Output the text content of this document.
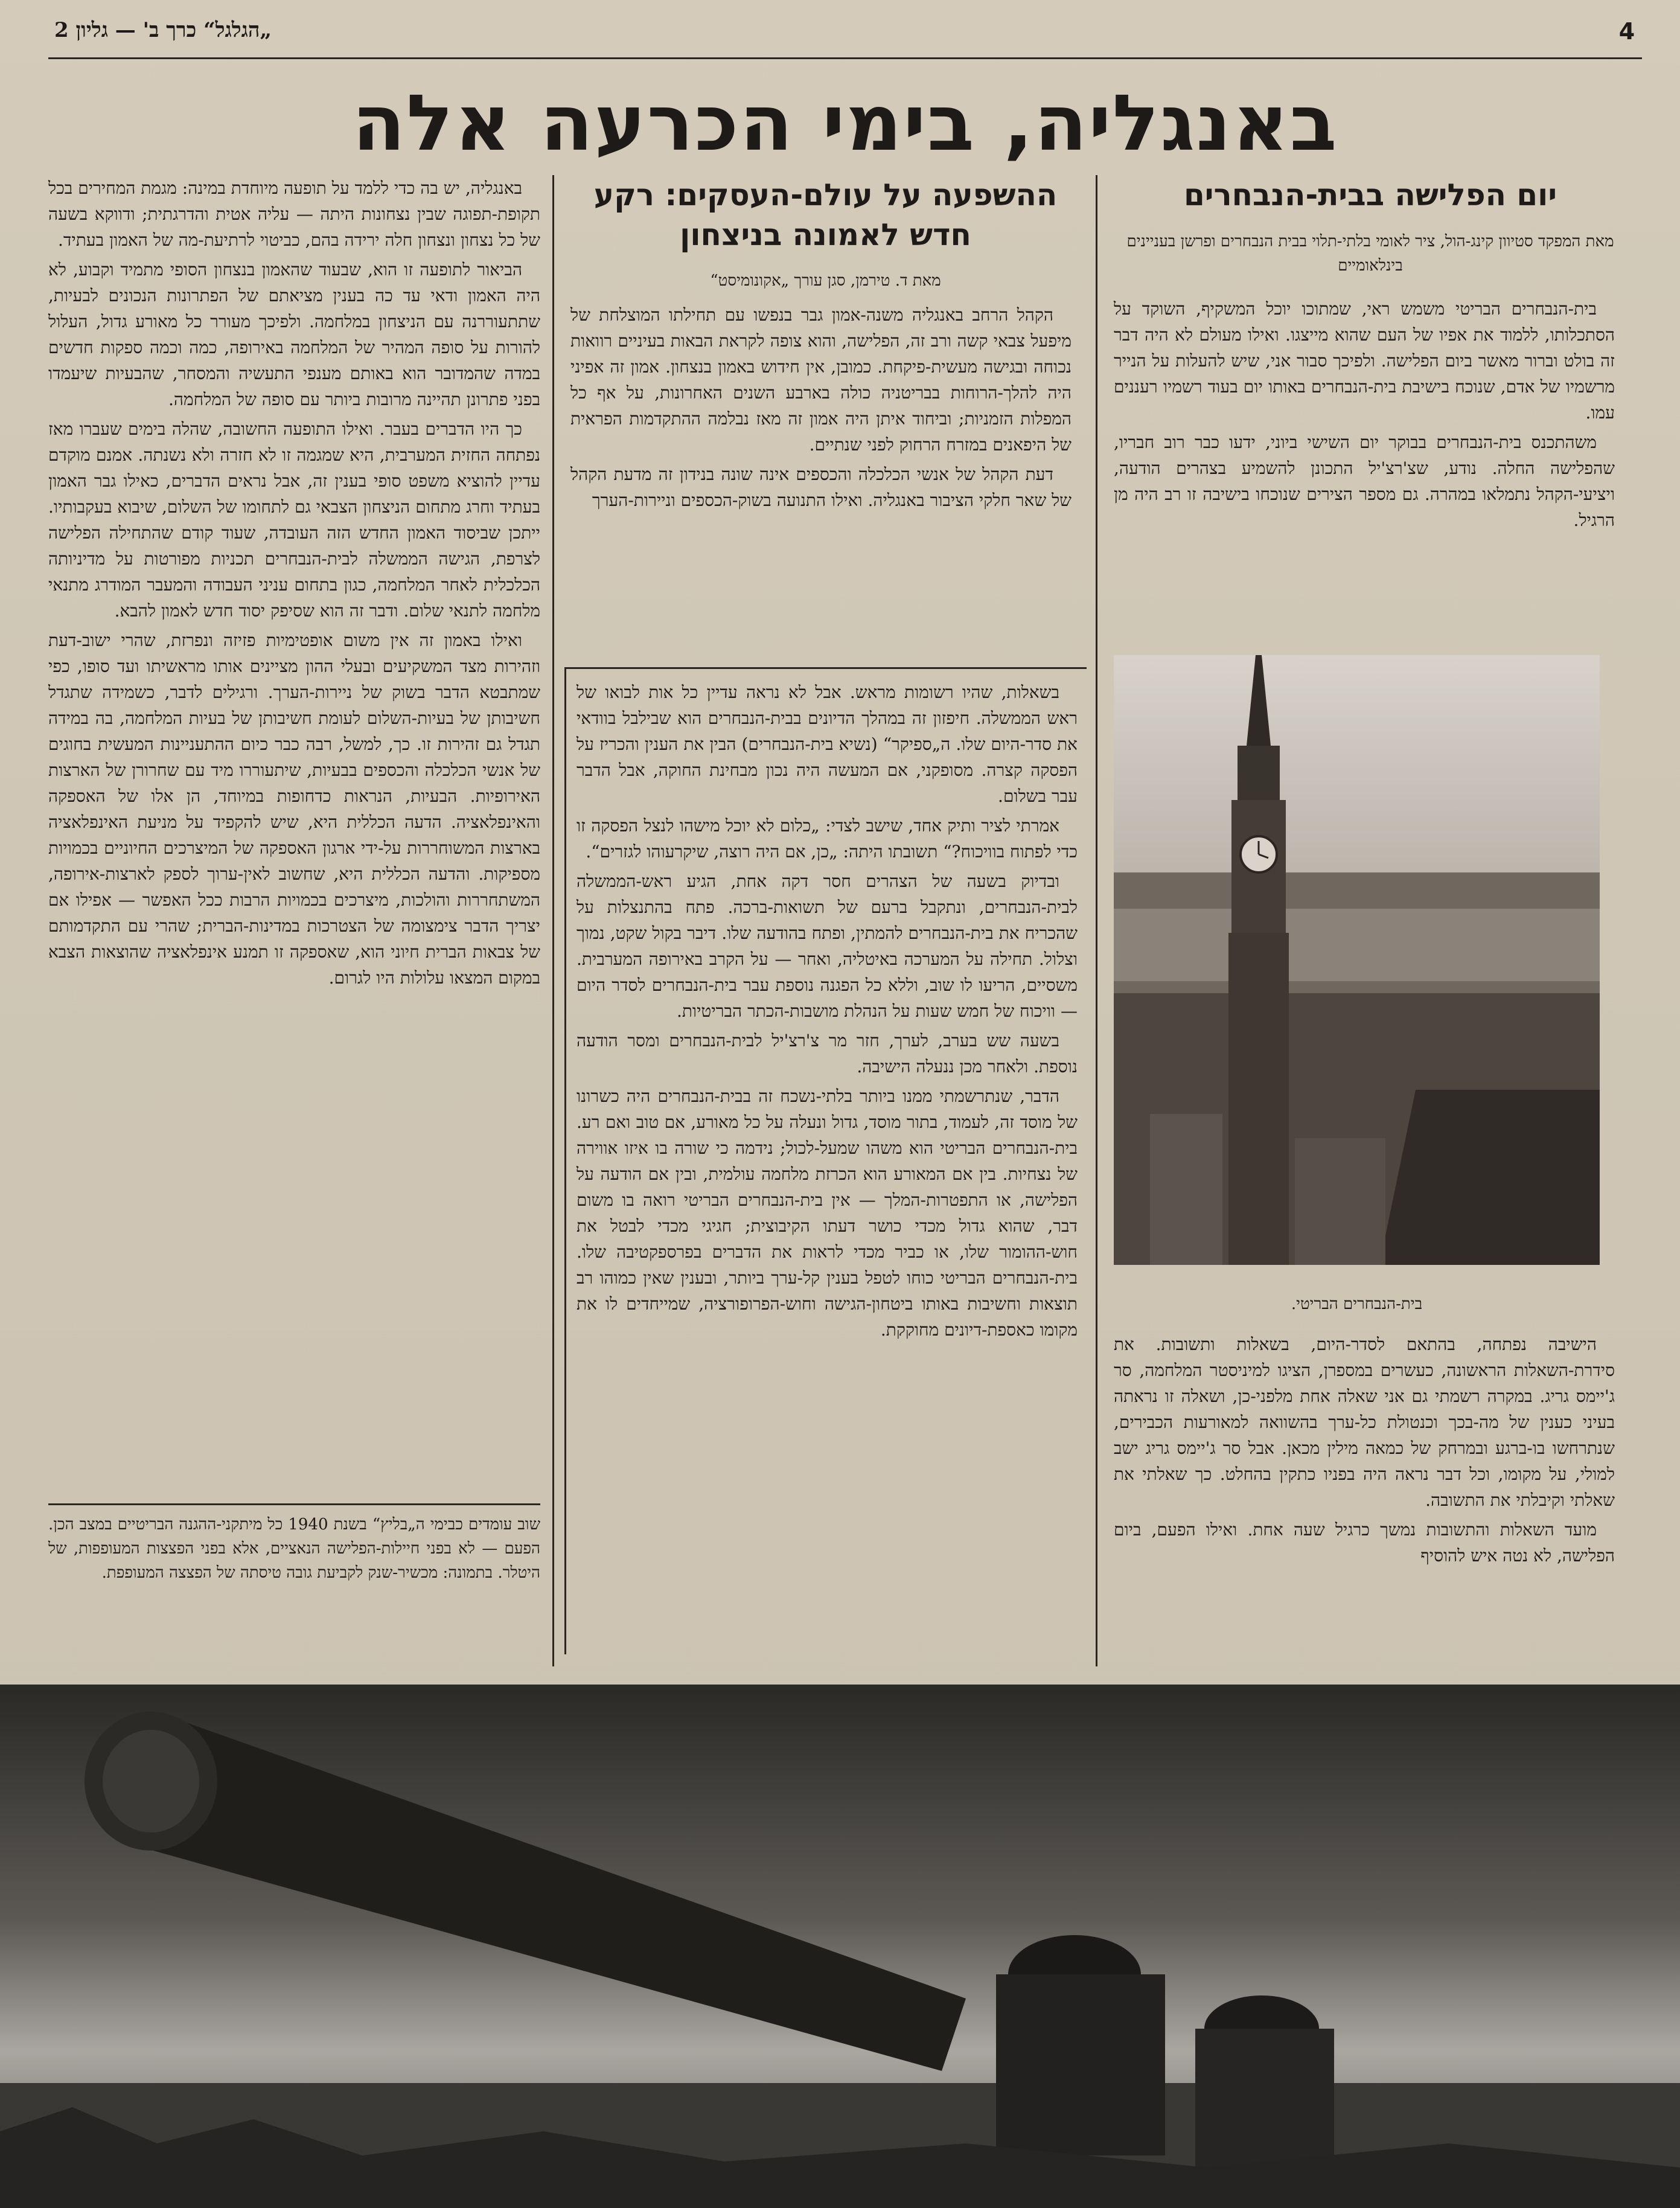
4
„הגלגל“ כרך ב' — גליון 2
באנגליה, בימי הכרעה אלה
יום הפלישה בבית-הנבחרים
מאת המפקד סטיוון קינג-הול, ציר לאומי בלתי-תלוי בבית הנבחרים ופרשן בעניינים בינלאומיים

בית-הנבחרים הבריטי משמש ראי, שמתוכו יוכל המשקיף, השוקד על הסתכלותו, ללמוד את אפיו של העם שהוא מייצגו. ואילו מעולם לא היה דבר זה בולט וברור מאשר ביום הפלישה. ולפיכך סבור אני, שיש להעלות על הנייר מרשמיו של אדם, שנוכח בישיבת בית-הנבחרים באותו יום בעוד רשמיו רעננים עמו.

משהתכנס בית-הנבחרים בבוקר יום השישי ביוני, ידעו כבר רוב חבריו, שהפלישה החלה. נודע, שצ'רצ'יל התכונן להשמיע בצהרים הודעה, ויציעי-הקהל נתמלאו במהרה. גם מספר הצירים שנוכחו בישיבה זו רב היה מן הרגיל.

בית-הנבחרים הבריטי.

הישיבה נפתחה, בהתאם לסדר-היום, בשאלות ותשובות. את סידרת-השאלות הראשונה, כעשרים במספרן, הציגו למיניסטר המלחמה, סר ג'יימס גריג. במקרה רשמתי גם אני שאלה אחת מלפני-כן, ושאלה זו נראתה בעיני כענין של מה-בכך וכנטולת כל-ערך בהשוואה למאורעות הכבירים, שנתרחשו בו-ברגע ובמרחק של כמאה מילין מכאן. אבל סר ג'יימס גריג ישב למולי, על מקומו, וכל דבר נראה היה בפניו כתקין בהחלט. כך שאלתי את שאלתי וקיבלתי את התשובה.

מועד השאלות והתשובות נמשך כרגיל שעה אחת. ואילו הפעם, ביום הפלישה, לא נטה איש להוסיף

ההשפעה על עולם-העסקים: רקע חדש לאמונה בניצחון
מאת ד. טירמן, סגן עורך „אקונומיסט“

הקהל הרחב באנגליה משנה-אמון גבר בנפשו עם תחילתו המוצלחת של מיפעל צבאי קשה ורב זה, הפלישה, והוא צופה לקראת הבאות בעיניים רוואות נכוחה ובגישה מעשית-פיקחת. כמובן, אין חידוש באמון בנצחון. אמון זה אפיני היה להלך-הרוחות בבריטניה כולה בארבע השנים האחרונות, על אף כל המפלות הזמניות; וביחוד איתן היה אמון זה מאז נבלמה ההתקדמות הפראית של היפאנים במזרח הרחוק לפני שנתיים.

דעת הקהל של אנשי הכלכלה והכספים אינה שונה בנידון זה מדעת הקהל של שאר חלקי הציבור באנגליה. ואילו התנועה בשוק-הכספים וניירות-הערך

בשאלות, שהיו רשומות מראש. אבל לא נראה עדיין כל אות לבואו של ראש הממשלה. חיפזון זה במהלך הדיונים בבית-הנבחרים הוא שבילבל בוודאי את סדר-היום שלו. ה„ספיקר“ (נשיא בית-הנבחרים) הבין את הענין והכריז על הפסקה קצרה. מסופקני, אם המעשה היה נכון מבחינת החוקה, אבל הדבר עבר בשלום.

אמרתי לציר ותיק אחד, שישב לצדי: „כלום לא יוכל מישהו לנצל הפסקה זו כדי לפתוח בוויכוח?“ תשובתו היתה: „כן, אם היה רוצה, שיקרעוהו לגזרים“.

ובדיוק בשעה של הצהרים חסר דקה אחת, הגיע ראש-הממשלה לבית-הנבחרים, ונתקבל ברעם של תשואות-ברכה. פתח בהתנצלות על שהכריח את בית-הנבחרים להמתין, ופתח בהודעה שלו. דיבר בקול שקט, נמוך וצלול. תחילה על המערכה באיטליה, ואחר — על הקרב באירופה המערבית. משסיים, הריעו לו שוב, וללא כל הפגנה נוספת עבר בית-הנבחרים לסדר היום — וויכוח של חמש שעות על הנהלת מושבות-הכתר הבריטיות.

בשעה שש בערב, לערך, חזר מר צ'רצ'יל לבית-הנבחרים ומסר הודעה נוספת. ולאחר מכן ננעלה הישיבה.

הדבר, שנתרשמתי ממנו ביותר בלתי-נשכח זה בבית-הנבחרים היה כשרונו של מוסד זה, לעמוד, בתור מוסד, גדול ונעלה על כל מאורע, אם טוב ואם רע. בית-הנבחרים הבריטי הוא משהו שמעל-לכול; נידמה כי שורה בו איזו אווירה של נצחיות. בין אם המאורע הוא הכרזת מלחמה עולמית, ובין אם הודעה על הפלישה, או התפטרות-המלך — אין בית-הנבחרים הבריטי רואה בו משום דבר, שהוא גדול מכדי כושר דעתו הקיבוצית; חגיגי מכדי לבטל את חוש-ההומור שלו, או כביר מכדי לראות את הדברים בפרספקטיבה שלו. בית-הנבחרים הבריטי כוחו לטפל בענין קל-ערך ביותר, ובענין שאין כמוהו רב תוצאות וחשיבות באותו ביטחון-הגישה וחוש-הפרופורציה, שמייחדים לו את מקומו כאספת-דיונים מחוקקת.

באנגליה, יש בה כדי ללמד על תופעה מיוחדת במינה: מגמת המחירים בכל תקופת-תפוגה שבין נצחונות היתה — עליה אטית והדרגתית; ודווקא בשעה של כל נצחון ונצחון חלה ירידה בהם, כביטוי לרתיעת-מה של האמון בעתיד.

הביאור לתופעה זו הוא, שבעוד שהאמון בנצחון הסופי מתמיד וקבוע, לא היה האמון ודאי עד כה בענין מציאתם של הפתרונות הנכונים לבעיות, שתתעוררנה עם הניצחון במלחמה. ולפיכך מעורר כל מאורע גדול, העלול להורות על סופה המהיר של המלחמה באירופה, כמה וכמה ספקות חדשים במדה שהמדובר הוא באותם מענפי התעשיה והמסחר, שהבעיות שיעמדו בפני פתרונן תהיינה מרובות ביותר עם סופה של המלחמה.

כך היו הדברים בעבר. ואילו התופעה החשובה, שהלה בימים שעברו מאז נפתחה החזית המערבית, היא שמגמה זו לא חזרה ולא נשנתה. אמנם מוקדם עדיין להוציא משפט סופי בענין זה, אבל נראים הדברים, כאילו גבר האמון בעתיד וחרג מתחום הניצחון הצבאי גם לתחומו של השלום, שיבוא בעקבותיו. ייתכן שביסוד האמון החדש הזה העובדה, שעוד קודם שהתחילה הפלישה לצרפת, הגישה הממשלה לבית-הנבחרים תכניות מפורטות על מדיניותה הכלכלית לאחר המלחמה, כגון בתחום עניני העבודה והמעבר המודרג מתנאי מלחמה לתנאי שלום. ודבר זה הוא שסיפק יסוד חדש לאמון להבא.

ואילו באמון זה אין משום אופטימיות פזיזה ונפרזת, שהרי ישוב-דעת וזהירות מצד המשקיעים ובעלי ההון מציינים אותו מראשיתו ועד סופו, כפי שמתבטא הדבר בשוק של ניירות-הערך. ורגילים לדבר, כשמידה שתגדל חשיבותן של בעיות-השלום לעומת חשיבותן של בעיות המלחמה, בה במידה תגדל גם זהירות זו. כך, למשל, רבה כבר כיום ההתעניינות המעשית בחוגים של אנשי הכלכלה והכספים בבעיות, שיתעוררו מיד עם שחרורן של הארצות האירופיות. הבעיות, הנראות כדחופות במיוחד, הן אלו של האספקה והאינפלאציה. הדעה הכללית היא, שיש להקפיד על מניעת האינפלאציה בארצות המשוחררות על-ידי ארגון האספקה של המיצרכים החיוניים בכמויות מספיקות. והדעה הכללית היא, שחשוב לאין-ערוך לספק לארצות-אירופה, המשתחררות והולכות, מיצרכים בכמויות הרבות ככל האפשר — אפילו אם יצריך הדבר צימצומה של הצטרכות במדינות-הברית; שהרי עם התקדמותם של צבאות הברית חיוני הוא, שאספקה זו תמנע אינפלאציה שהוצאות הצבא במקום המצאו עלולות היו לגרום.

שוב עומדים כבימי ה„בליץ“ בשנת 1940 כל מיתקני-ההגנה הבריטיים במצב הכן. הפעם — לא בפני חיילות-הפלישה הנאציים, אלא בפני הפצצות המעופפות, של היטלר. בתמונה: מכשיר-שנק לקביעת גובה טיסתה של הפצצה המעופפת.
